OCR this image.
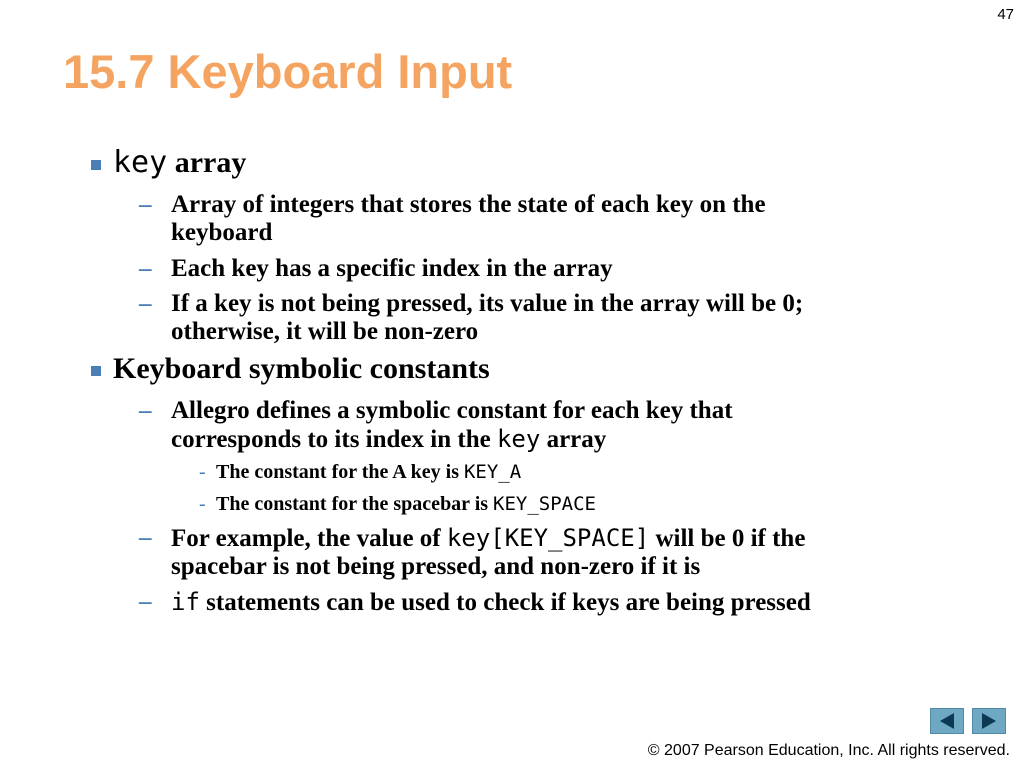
47
15.7 Keyboard Input
key array
– Array of integers that stores the state of each key on the
keyboard
– Each key has a specific index in the array
– If a key is not being pressed, its value in the array will be 0;
otherwise, it will be non-zero
Keyboard symbolic constants
– Allegro defines a symbolic constant for each key that
corresponds to its index in the key array
- The constant for the A key is KEY_A
- The constant for the spacebar is KEY_SPACE
– For example, the value of key[KEY_SPACE] will be 0 if the
spacebar is not being pressed, and non-zero if it is
– if statements can be used to check if keys are being pressed
© 2007 Pearson Education, Inc. All rights reserved.
